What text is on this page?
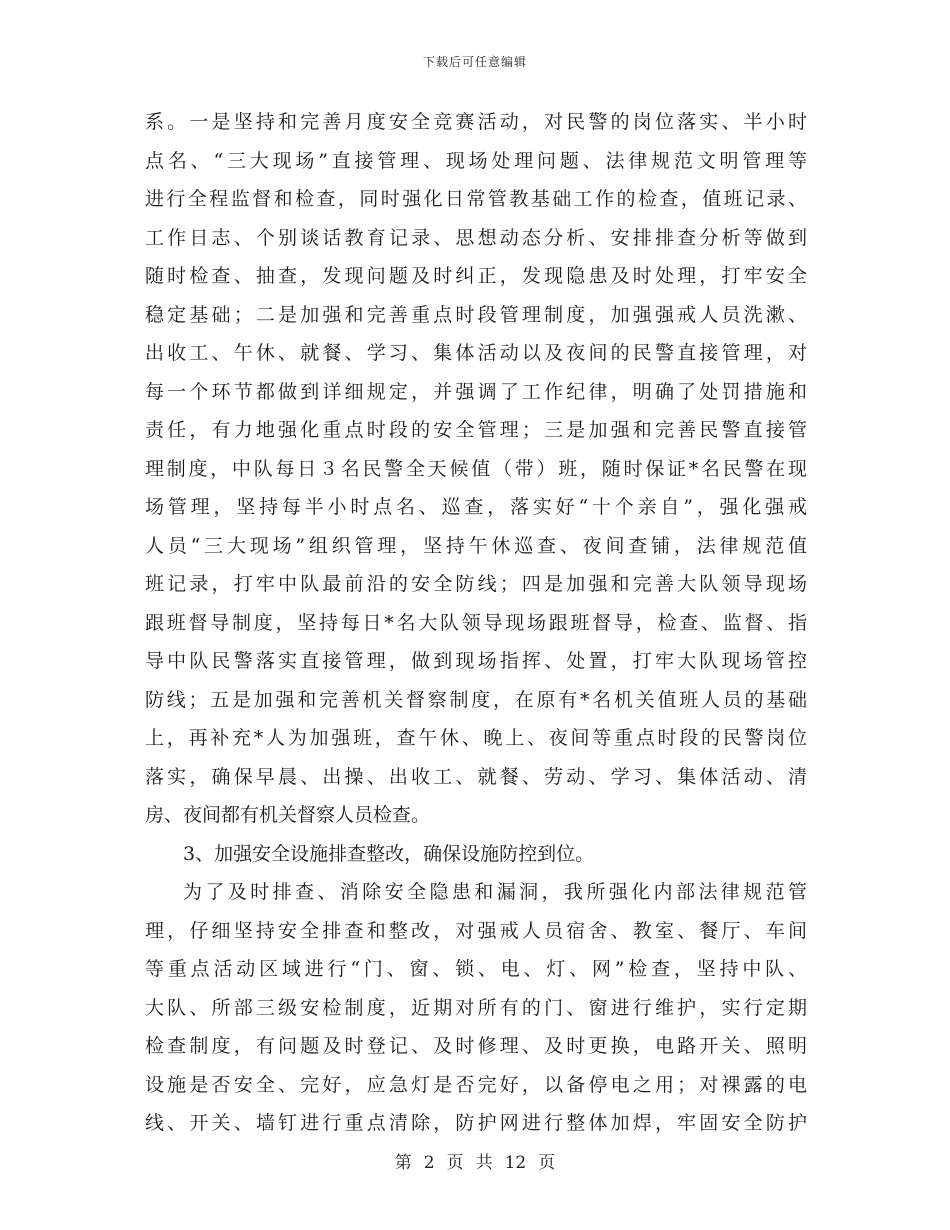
下载后可任意编辑
系。一是坚持和完善月度安全竞赛活动，对民警的岗位落实、半小时
点名、“三大现场”直接管理、现场处理问题、法律规范文明管理等
进行全程监督和检查，同时强化日常管教基础工作的检查，值班记录、
工作日志、个别谈话教育记录、思想动态分析、安排排查分析等做到
随时检查、抽查，发现问题及时纠正，发现隐患及时处理，打牢安全
稳定基础；二是加强和完善重点时段管理制度，加强强戒人员洗漱、
出收工、午休、就餐、学习、集体活动以及夜间的民警直接管理，对
每一个环节都做到详细规定，并强调了工作纪律，明确了处罚措施和
责任，有力地强化重点时段的安全管理；三是加强和完善民警直接管
理制度，中队每日３名民警全天候值（带）班，随时保证*名民警在现
场管理，坚持每半小时点名、巡查，落实好“十个亲自”，强化强戒
人员“三大现场”组织管理，坚持午休巡查、夜间查铺，法律规范值
班记录，打牢中队最前沿的安全防线；四是加强和完善大队领导现场
跟班督导制度，坚持每日*名大队领导现场跟班督导，检查、监督、指
导中队民警落实直接管理，做到现场指挥、处置，打牢大队现场管控
防线；五是加强和完善机关督察制度，在原有*名机关值班人员的基础
上，再补充*人为加强班，查午休、晚上、夜间等重点时段的民警岗位
落实，确保早晨、出操、出收工、就餐、劳动、学习、集体活动、清
房、夜间都有机关督察人员检查。
3、加强安全设施排查整改，确保设施防控到位。
为了及时排查、消除安全隐患和漏洞，我所强化内部法律规范管
理，仔细坚持安全排查和整改，对强戒人员宿舍、教室、餐厅、车间
等重点活动区域进行“门、窗、锁、电、灯、网”检查，坚持中队、
大队、所部三级安检制度，近期对所有的门、窗进行维护，实行定期
检查制度，有问题及时登记、及时修理、及时更换，电路开关、照明
设施是否安全、完好，应急灯是否完好，以备停电之用；对裸露的电
线、开关、墙钉进行重点清除，防护网进行整体加焊，牢固安全防护
第 2 页 共 12 页
